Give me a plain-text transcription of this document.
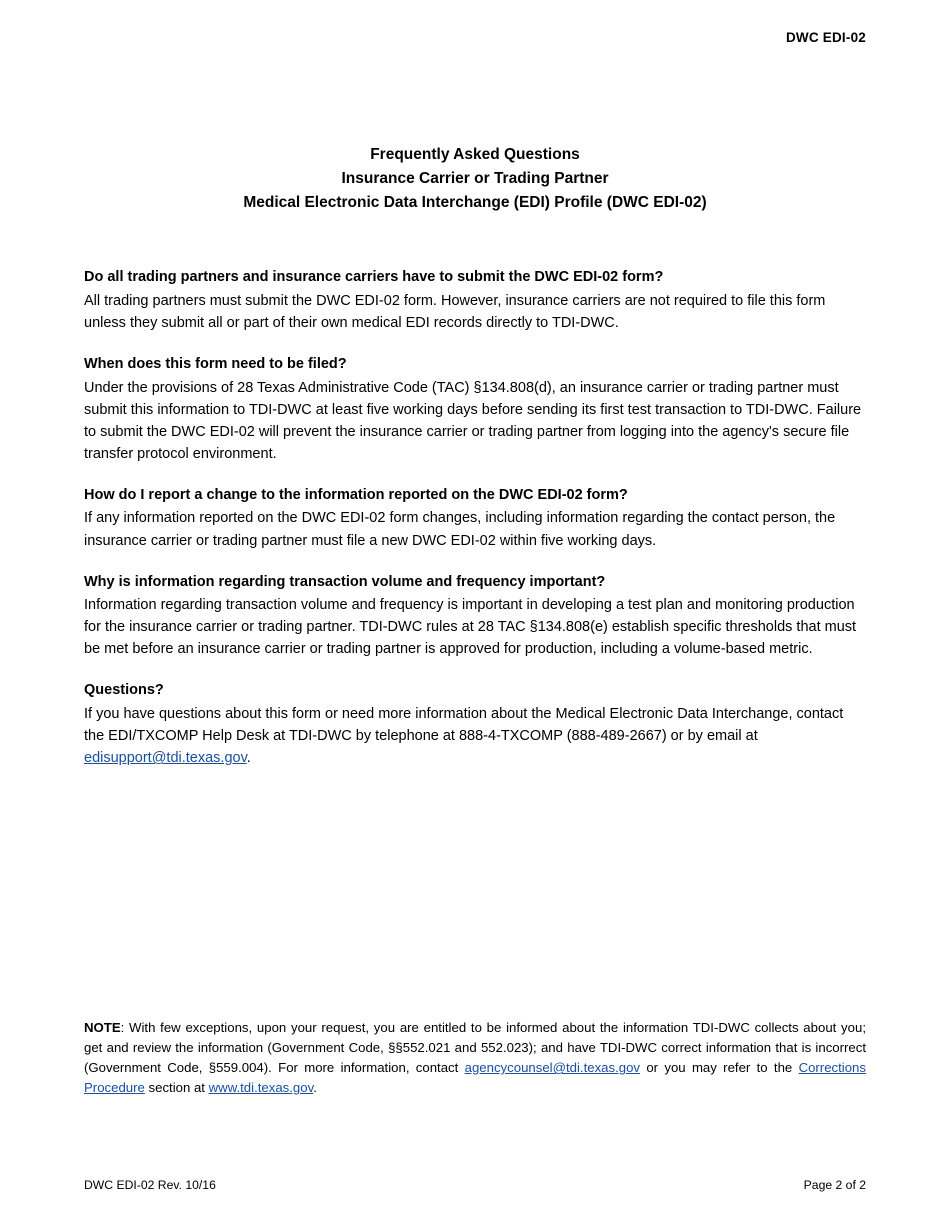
DWC EDI-02
Frequently Asked Questions
Insurance Carrier or Trading Partner
Medical Electronic Data Interchange (EDI) Profile (DWC EDI-02)

Do all trading partners and insurance carriers have to submit the DWC EDI-02 form?

All trading partners must submit the DWC EDI-02 form. However, insurance carriers are not required to file this form unless they submit all or part of their own medical EDI records directly to TDI-DWC.

When does this form need to be filed?

Under the provisions of 28 Texas Administrative Code (TAC) §134.808(d), an insurance carrier or trading partner must submit this information to TDI-DWC at least five working days before sending its first test transaction to TDI-DWC. Failure to submit the DWC EDI-02 will prevent the insurance carrier or trading partner from logging into the agency's secure file transfer protocol environment.

How do I report a change to the information reported on the DWC EDI-02 form?

If any information reported on the DWC EDI-02 form changes, including information regarding the contact person, the insurance carrier or trading partner must file a new DWC EDI-02 within five working days.

Why is information regarding transaction volume and frequency important?

Information regarding transaction volume and frequency is important in developing a test plan and monitoring production for the insurance carrier or trading partner. TDI-DWC rules at 28 TAC §134.808(e) establish specific thresholds that must be met before an insurance carrier or trading partner is approved for production, including a volume-based metric.

Questions?

If you have questions about this form or need more information about the Medical Electronic Data Interchange, contact the EDI/TXCOMP Help Desk at TDI-DWC by telephone at 888-4-TXCOMP (888-489-2667) or by email at edisupport@tdi.texas.gov.

NOTE: With few exceptions, upon your request, you are entitled to be informed about the information TDI-DWC collects about you; get and review the information (Government Code, §§552.021 and 552.023); and have TDI-DWC correct information that is incorrect (Government Code, §559.004). For more information, contact agencycounsel@tdi.texas.gov or you may refer to the Corrections Procedure section at www.tdi.texas.gov.
DWC EDI-02 Rev. 10/16	Page 2 of 2
